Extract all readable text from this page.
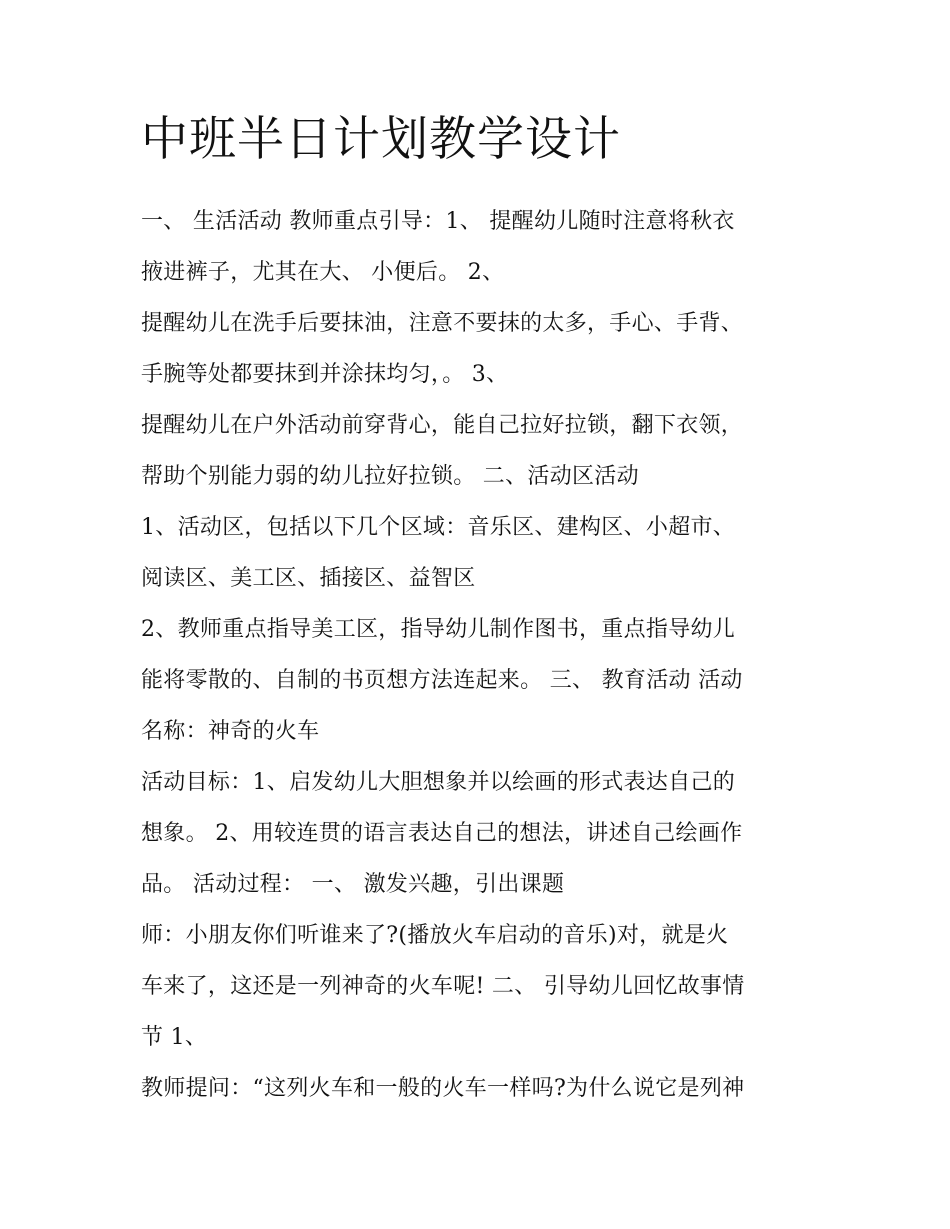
中班半日计划教学设计
一、 生活活动 教师重点引导：1、 提醒幼儿随时注意将秋衣
掖进裤子，尤其在大、 小便后。 2、
提醒幼儿在洗手后要抹油，注意不要抹的太多，手心、手背、
手腕等处都要抹到并涂抹均匀，。 3、
提醒幼儿在户外活动前穿背心，能自己拉好拉锁，翻下衣领，
帮助个别能力弱的幼儿拉好拉锁。 二、活动区活动
1、活动区，包括以下几个区域：音乐区、建构区、小超市、
阅读区、美工区、插接区、益智区
2、教师重点指导美工区，指导幼儿制作图书，重点指导幼儿
能将零散的、自制的书页想方法连起来。 三、 教育活动 活动
名称：神奇的火车
活动目标：1、启发幼儿大胆想象并以绘画的形式表达自己的
想象。 2、用较连贯的语言表达自己的想法，讲述自己绘画作
品。 活动过程： 一、 激发兴趣，引出课题
师：小朋友你们听谁来了?(播放火车启动的音乐)对，就是火
车来了，这还是一列神奇的火车呢! 二、 引导幼儿回忆故事情
节 1、
教师提问：“这列火车和一般的火车一样吗?为什么说它是列神
